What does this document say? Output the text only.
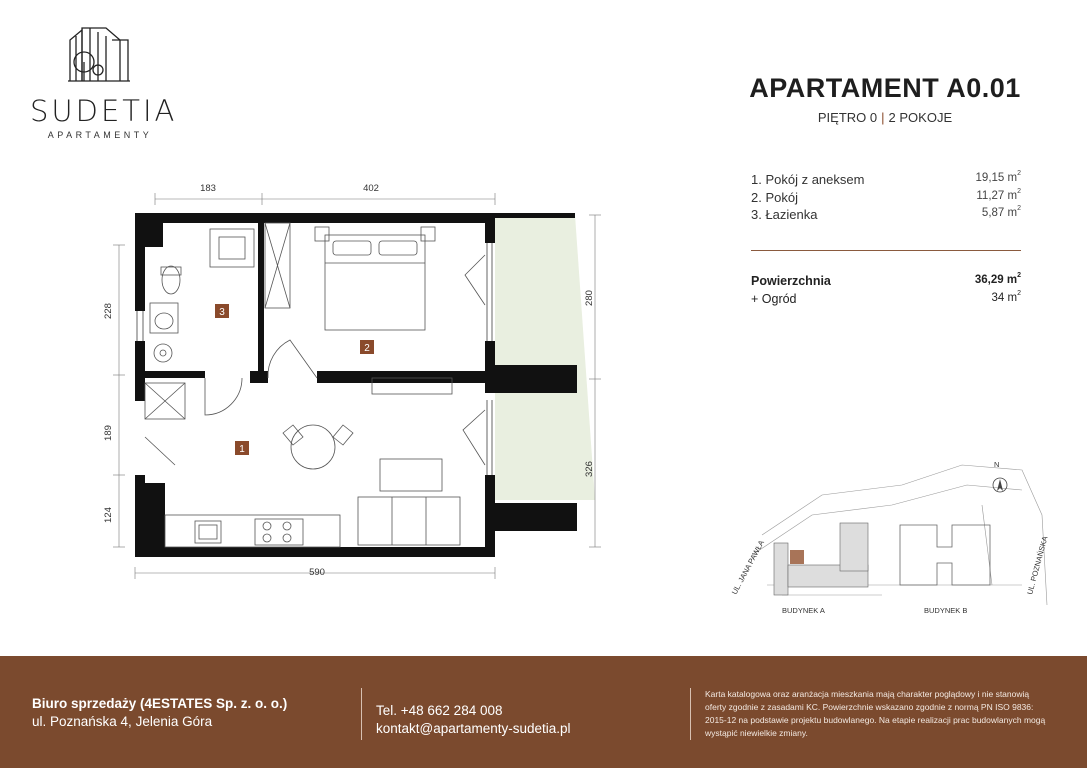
SUDETIA
APARTAMENTY
APARTAMENT A0.01
PIĘTRO 0 | 2 POKOJE
1. Pokój z aneksem	19,15 $m^2$
2. Pokój	11,27 $m^2$
3. Łazienka	5,87 $m^2$
Powierzchnia	36,29 $m^2$
+ Ogród	34 $m^2$
1
2
3
183	402
590
228
189
124
280
326	N
UL. JANA PAWŁA	UL. POZNAŃSKA
BUDYNEK A	BUDYNEK B
Biuro sprzedaży (4ESTATES Sp. z. o. o.)
ul. Poznańska 4, Jelenia Góra
Tel. +48 662 284 008
kontakt@apartamenty-sudetia.pl
Karta katalogowa oraz aranżacja mieszkania mają charakter poglądowy i nie stanowią oferty zgodnie z zasadami KC. Powierzchnie wskazano zgodnie z normą PN ISO 9836: 2015-12 na podstawie projektu budowlanego. Na etapie realizacji prac budowlanych mogą wystąpić niewielkie zmiany.
